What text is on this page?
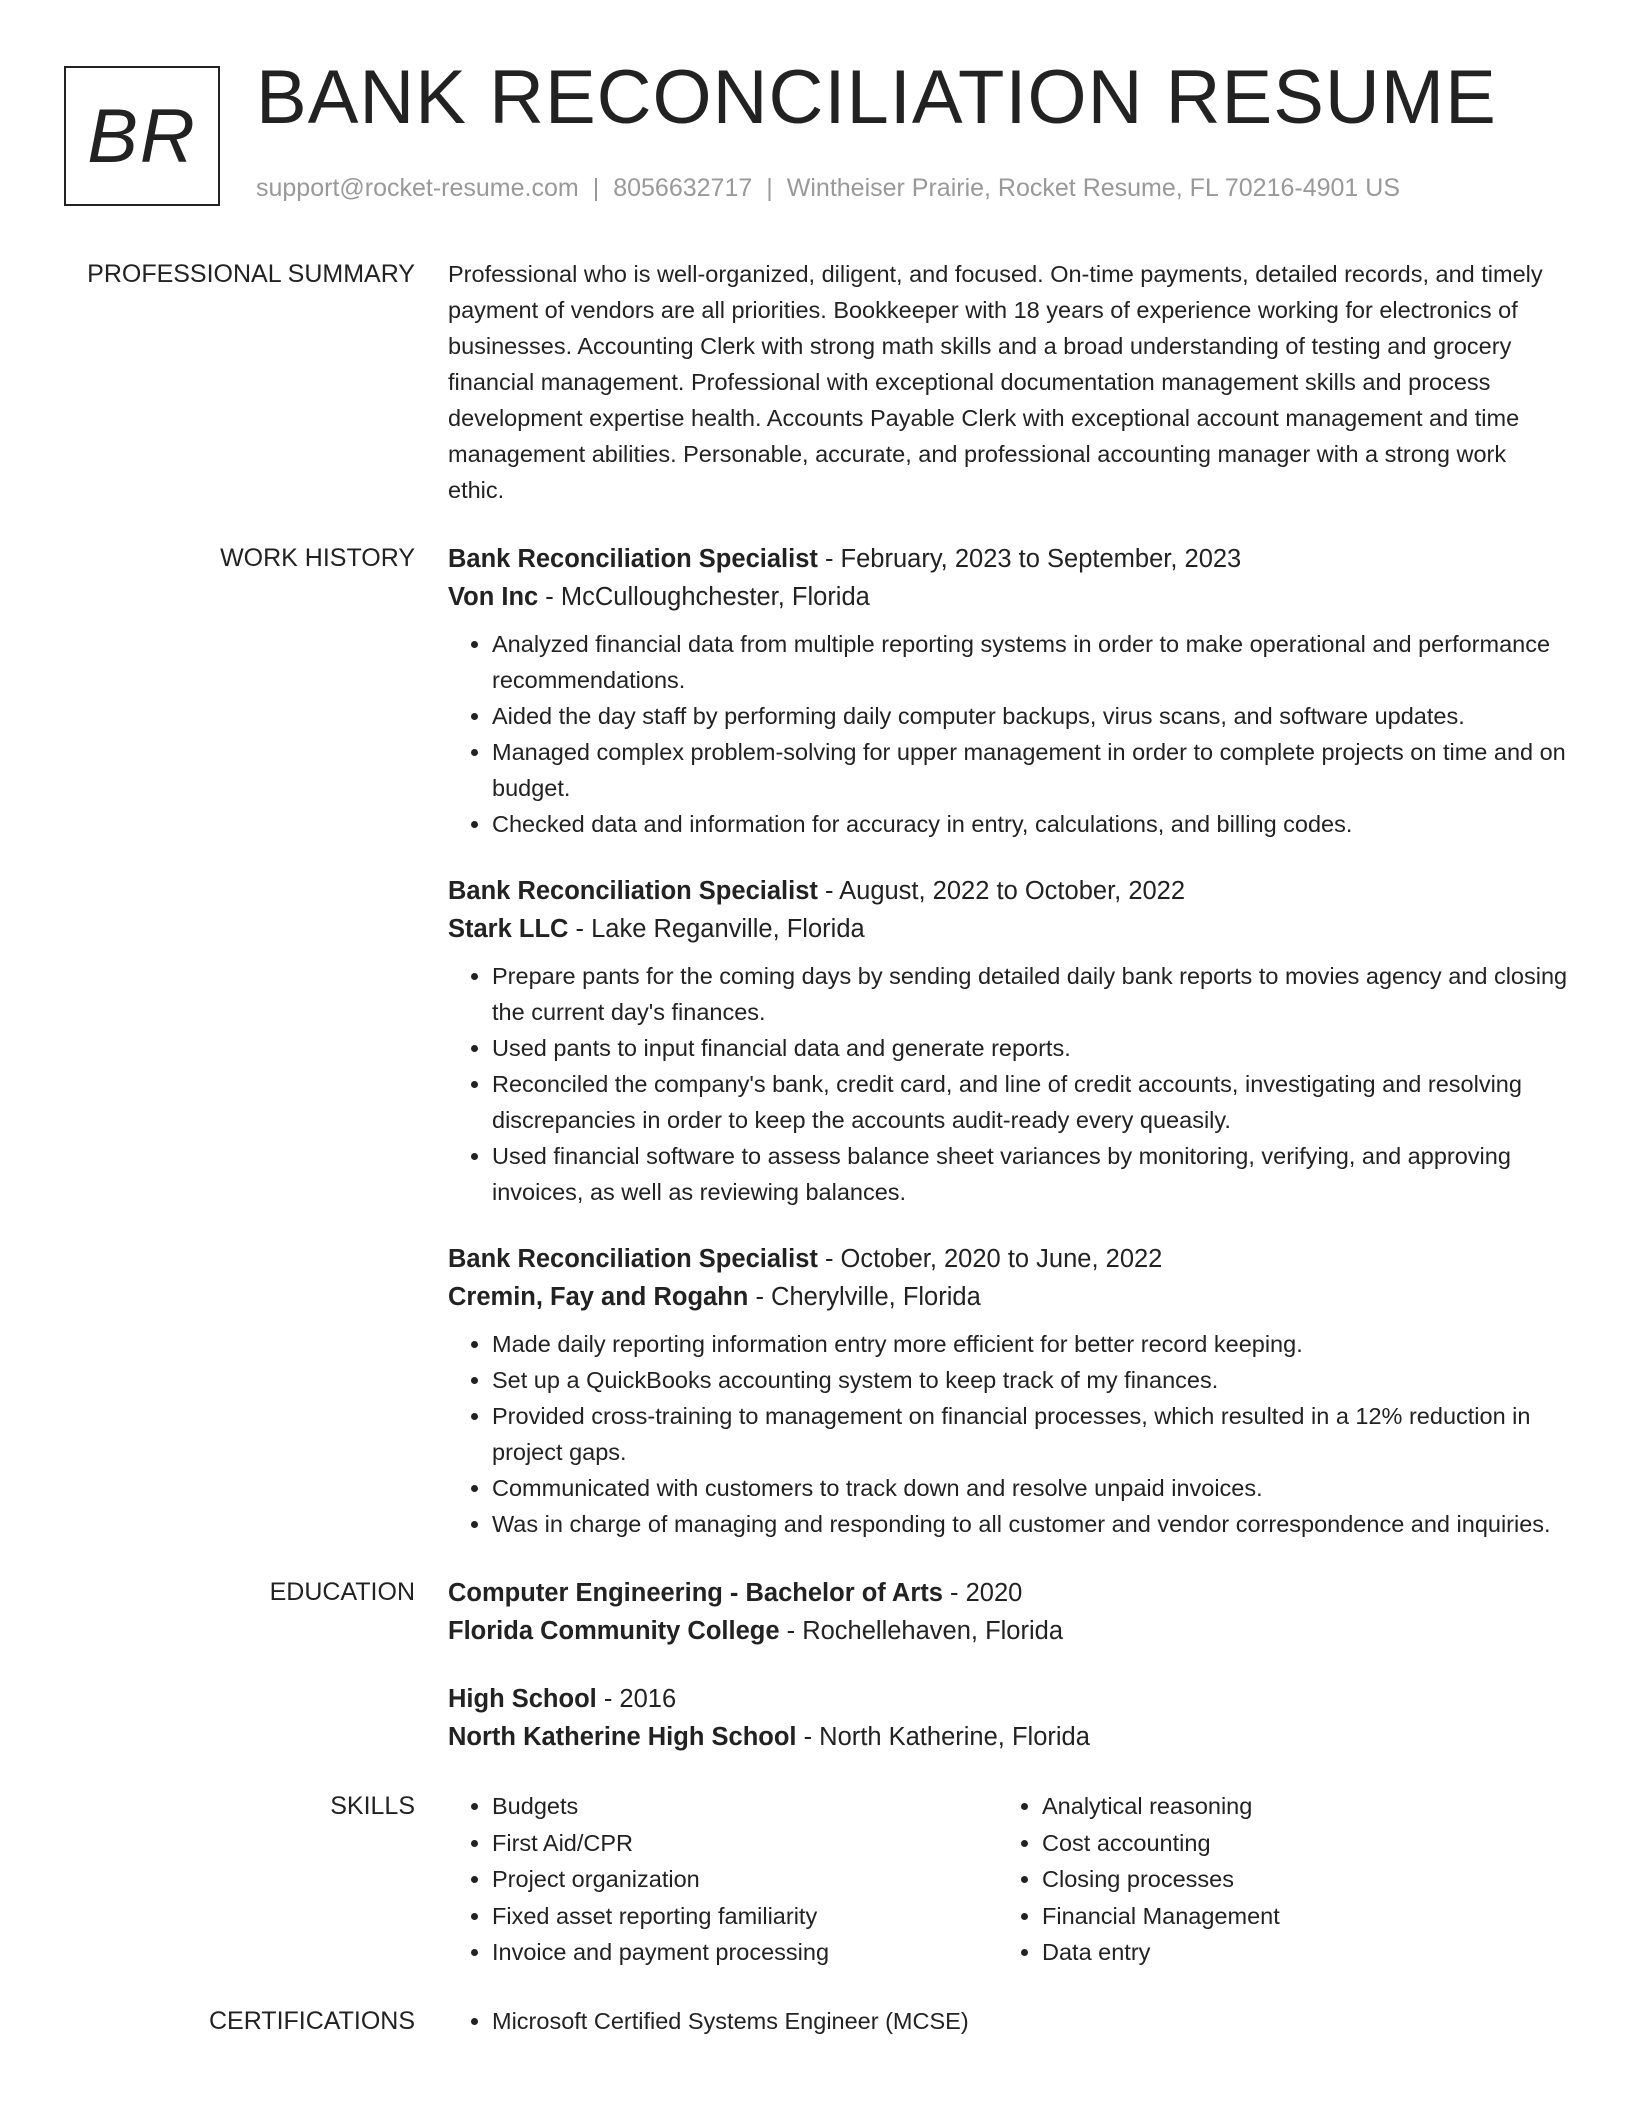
BR BANK RECONCILIATION RESUME
support@rocket-resume.com | 8056632717 | Wintheiser Prairie, Rocket Resume, FL 70216-4901 US
PROFESSIONAL SUMMARY Professional who is well-organized, diligent, and focused. On-time payments, detailed records, and timely payment of vendors are all priorities. Bookkeeper with 18 years of experience working for electronics of businesses. Accounting Clerk with strong math skills and a broad understanding of testing and grocery financial management. Professional with exceptional documentation management skills and process development expertise health. Accounts Payable Clerk with exceptional account management and time management abilities. Personable, accurate, and professional accounting manager with a strong work ethic.

WORK HISTORY Bank Reconciliation Specialist - February, 2023 to September, 2023
Von Inc - McCulloughchester, Florida
• Analyzed financial data from multiple reporting systems in order to make operational and performance recommendations.
• Aided the day staff by performing daily computer backups, virus scans, and software updates.
• Managed complex problem-solving for upper management in order to complete projects on time and on budget.
• Checked data and information for accuracy in entry, calculations, and billing codes.
Bank Reconciliation Specialist - August, 2022 to October, 2022
Stark LLC - Lake Reganville, Florida
• Prepare pants for the coming days by sending detailed daily bank reports to movies agency and closing the current day's finances.
• Used pants to input financial data and generate reports.
• Reconciled the company's bank, credit card, and line of credit accounts, investigating and resolving discrepancies in order to keep the accounts audit-ready every queasily.
• Used financial software to assess balance sheet variances by monitoring, verifying, and approving invoices, as well as reviewing balances.
Bank Reconciliation Specialist - October, 2020 to June, 2022
Cremin, Fay and Rogahn - Cherylville, Florida
• Made daily reporting information entry more efficient for better record keeping.
• Set up a QuickBooks accounting system to keep track of my finances.
• Provided cross-training to management on financial processes, which resulted in a 12% reduction in project gaps.
• Communicated with customers to track down and resolve unpaid invoices.
• Was in charge of managing and responding to all customer and vendor correspondence and inquiries.
EDUCATION Computer Engineering - Bachelor of Arts - 2020
Florida Community College - Rochellehaven, Florida
High School - 2016
North Katherine High School - North Katherine, Florida
SKILLS	• Budgets
• First Aid/CPR
• Project organization
• Fixed asset reporting familiarity
• Invoice and payment processing
• Analytical reasoning
• Cost accounting
• Closing processes
• Financial Management
• Data entry
CERTIFICATIONS	• Microsoft Certified Systems Engineer (MCSE)
